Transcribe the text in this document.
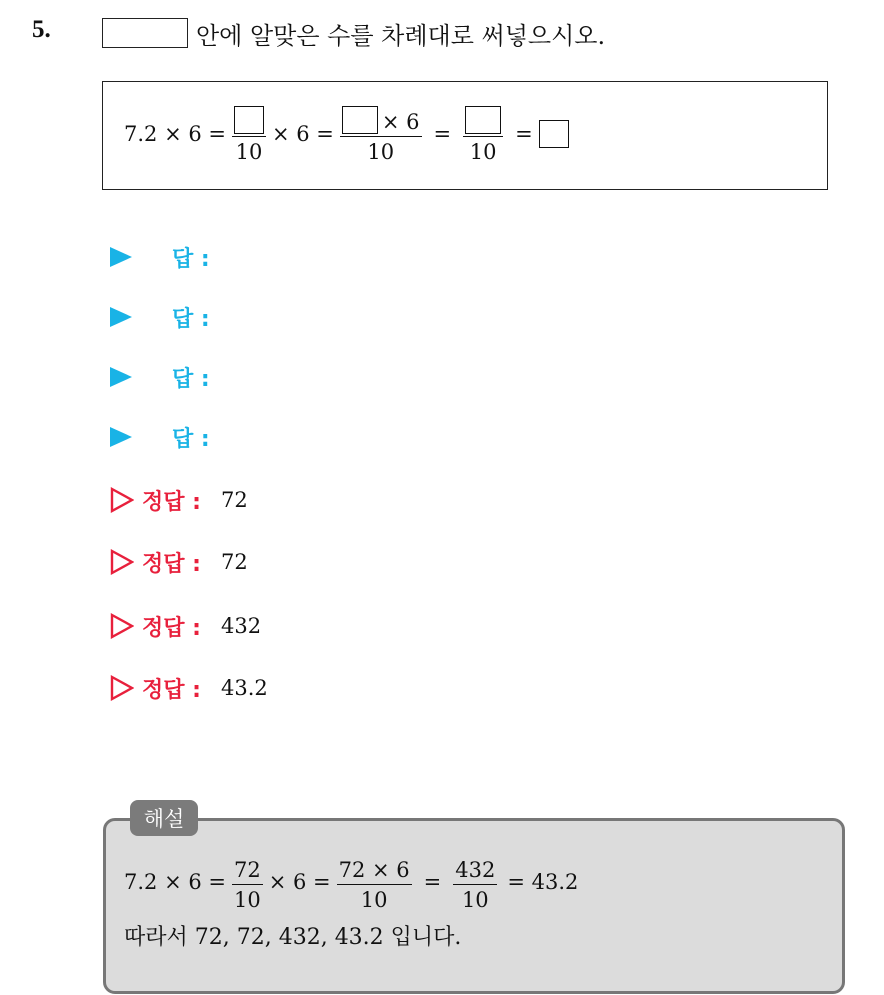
5.	안에 알맞은 수를 차례대로 써넣으시오.
7.2 × 6 =
10
× $6 = \frac{\times 6}{10}$ =
10
=
답 :
답 :
답 :
답 :
정답 : 72
정답 : 72
정답 : 432
정답 : 43.2
해설
$7.2 \times 6 = \frac{72}{10} \times 6 = \frac{72 \times 6}{10} = \frac{432}{10} = 43.2$
따라서 72, 72, 432, 43.2 입니다.
